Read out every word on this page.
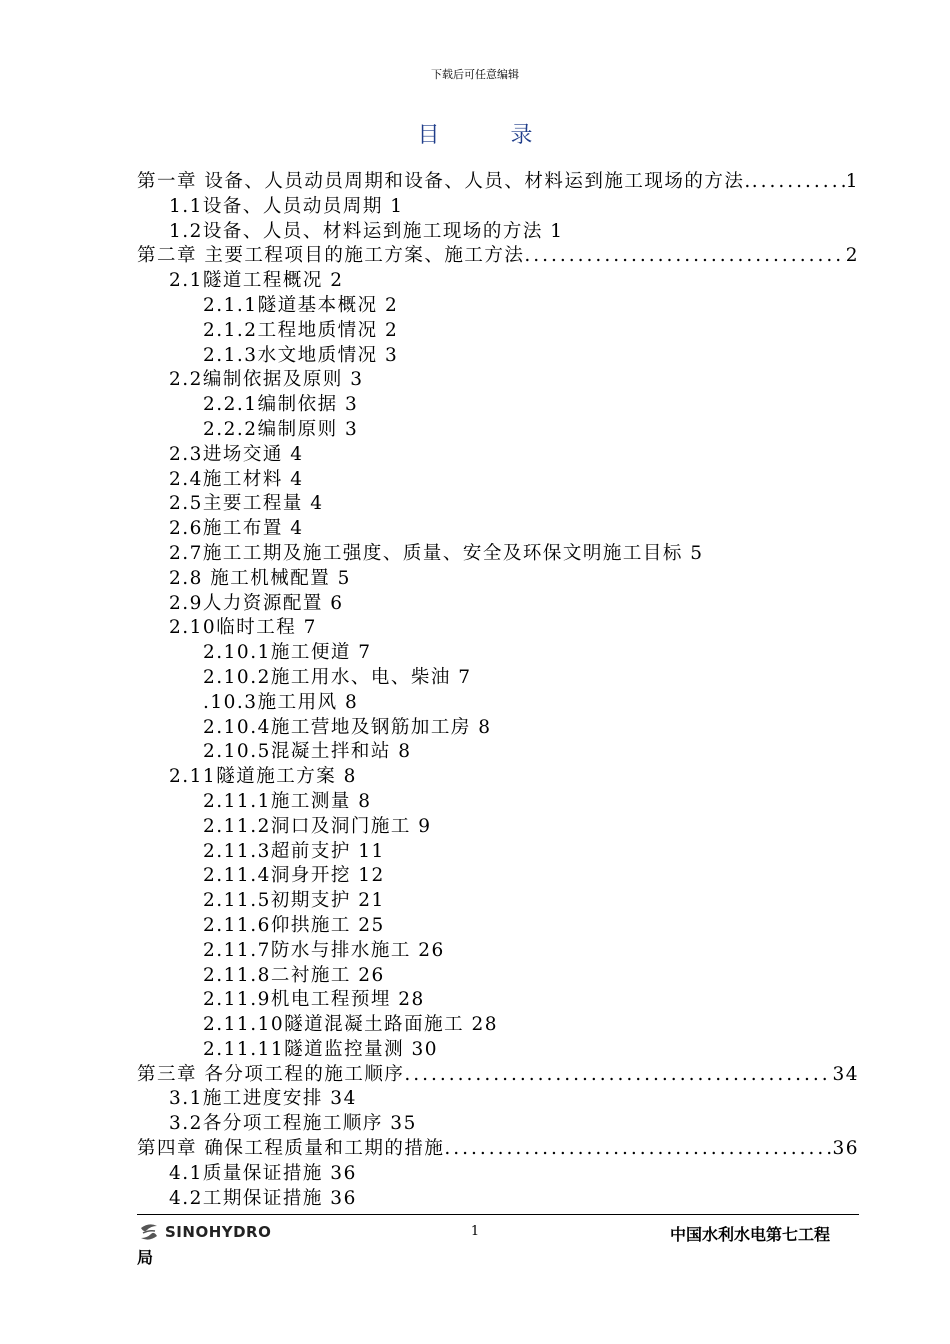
下载后可任意编辑
目 录
第一章 设备、人员动员周期和设备、人员、材料运到施工现场的方法. .....	1
1.1设备、人员动员周期 1
1.2设备、人员、材料运到施工现场的方法 1
第二章 主要工程项目的施工方案、施工方法 .....	2
2.1隧道工程概况 2
2.1.1隧道基本概况 2
2.1.2工程地质情况 2
2.1.3水文地质情况 3
2.2编制依据及原则 3
2.2.1编制依据 3
2.2.2编制原则 3
2.3进场交通 4
2.4施工材料 4
2.5主要工程量 4
2.6施工布置 4
2.7施工工期及施工强度、质量、安全及环保文明施工目标 5
2.8 施工机械配置 5
2.9人力资源配置 6
2.10临时工程 7
2.10.1施工便道 7
2.10.2施工用水、电、柴油 7
.10.3施工用风 8
2.10.4施工营地及钢筋加工房 8
2.10.5混凝土拌和站 8
2.11隧道施工方案 8
2.11.1施工测量 8
2.11.2洞口及洞门施工 9
2.11.3超前支护 11
2.11.4洞身开挖 12
2.11.5初期支护 21
2.11.6仰拱施工 25
2.11.7防水与排水施工 26
2.11.8二衬施工 26
2.11.9机电工程预埋 28
2.11.10隧道混凝土路面施工 28
2.11.11隧道监控量测 30
第三章 各分项工程的施工顺序 .....	34
3.1施工进度安排 34
3.2各分项工程施工顺序 35
第四章 确保工程质量和工期的措施 .....	36
4.1质量保证措施 36
4.2工期保证措施 36
SINOHYDRO	1	中国水利水电第七工程
局
